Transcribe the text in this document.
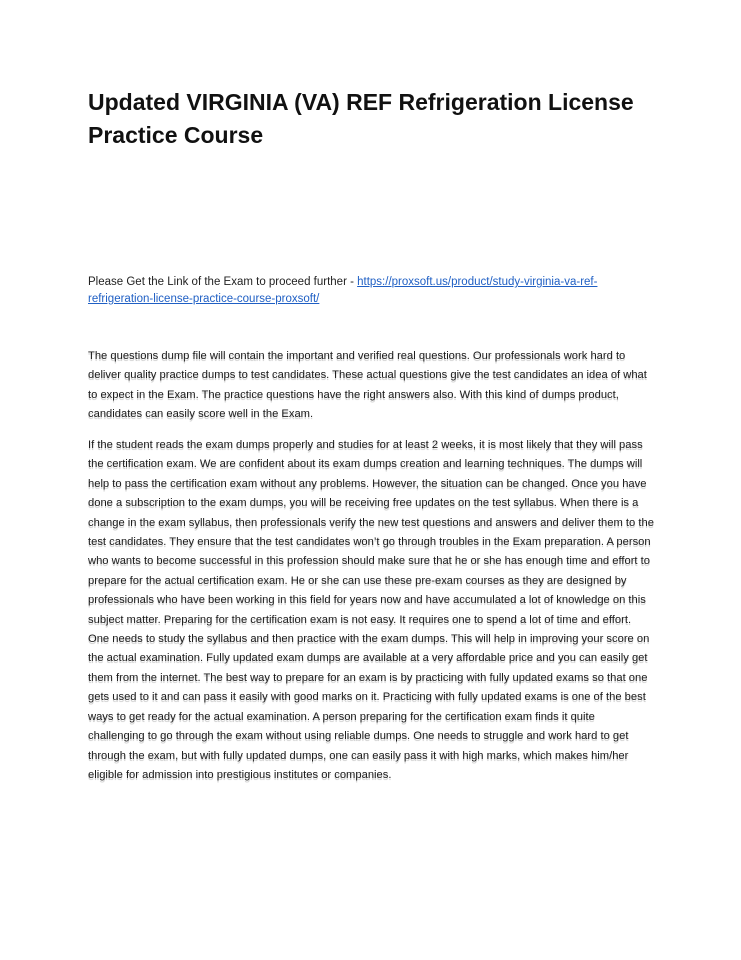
Updated VIRGINIA (VA) REF Refrigeration License Practice Course

Please Get the Link of the Exam to proceed further - https://proxsoft.us/product/study-virginia-va-ref-refrigeration-license-practice-course-proxsoft/

The questions dump file will contain the important and verified real questions. Our professionals work hard to deliver quality practice dumps to test candidates. These actual questions give the test candidates an idea of what to expect in the Exam. The practice questions have the right answers also. With this kind of dumps product, candidates can easily score well in the Exam.

If the student reads the exam dumps properly and studies for at least 2 weeks, it is most likely that they will pass the certification exam. We are confident about its exam dumps creation and learning techniques. The dumps will help to pass the certification exam without any problems. However, the situation can be changed. Once you have done a subscription to the exam dumps, you will be receiving free updates on the test syllabus. When there is a change in the exam syllabus, then professionals verify the new test questions and answers and deliver them to the test candidates. They ensure that the test candidates won’t go through troubles in the Exam preparation. A person who wants to become successful in this profession should make sure that he or she has enough time and effort to prepare for the actual certification exam. He or she can use these pre-exam courses as they are designed by professionals who have been working in this field for years now and have accumulated a lot of knowledge on this subject matter. Preparing for the certification exam is not easy. It requires one to spend a lot of time and effort. One needs to study the syllabus and then practice with the exam dumps. This will help in improving your score on the actual examination. Fully updated exam dumps are available at a very affordable price and you can easily get them from the internet. The best way to prepare for an exam is by practicing with fully updated exams so that one gets used to it and can pass it easily with good marks on it. Practicing with fully updated exams is one of the best ways to get ready for the actual examination. A person preparing for the certification exam finds it quite challenging to go through the exam without using reliable dumps. One needs to struggle and work hard to get through the exam, but with fully updated dumps, one can easily pass it with high marks, which makes him/her eligible for admission into prestigious institutes or companies.
